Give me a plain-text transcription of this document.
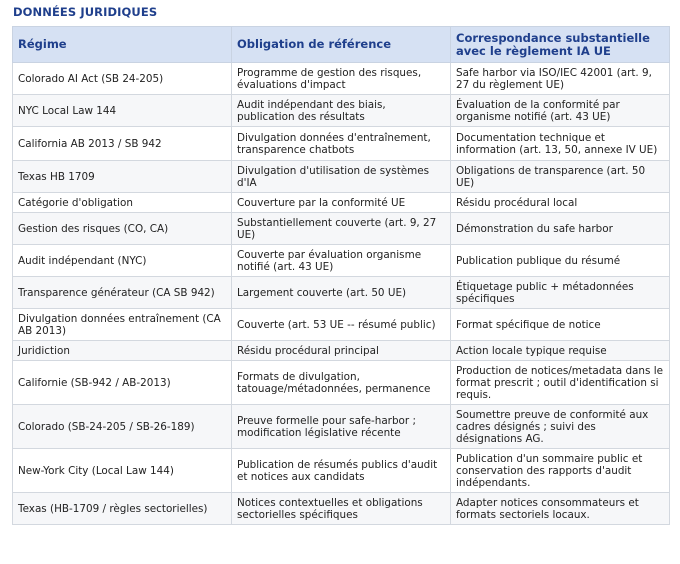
DONNÉES JURIDIQUES
Régime	Obligation de référence	Correspondance substantielle avec le règlement IA UE
Colorado AI Act (SB 24-205)	Programme de gestion des risques, évaluations d'impact	Safe harbor via ISO/IEC 42001 (art. 9, 27 du règlement UE)
NYC Local Law 144	Audit indépendant des biais, publication des résultats	Évaluation de la conformité par organisme notifié (art. 43 UE)
California AB 2013 / SB 942	Divulgation données d'entraînement, transparence chatbots	Documentation technique et information (art. 13, 50, annexe IV UE)
Texas HB 1709	Divulgation d'utilisation de systèmes d'IA	Obligations de transparence (art. 50 UE)
Catégorie d'obligation	Couverture par la conformité UE	Résidu procédural local
Gestion des risques (CO, CA)	Substantiellement couverte (art. 9, 27 UE)	Démonstration du safe harbor
Audit indépendant (NYC)	Couverte par évaluation organisme notifié (art. 43 UE)	Publication publique du résumé
Transparence générateur (CA SB 942)	Largement couverte (art. 50 UE)	Étiquetage public + métadonnées spécifiques
Divulgation données entraînement (CA AB 2013)	Couverte (art. 53 UE -- résumé public)	Format spécifique de notice
Juridiction	Résidu procédural principal	Action locale typique requise
Californie (SB-942 / AB-2013)	Formats de divulgation, tatouage/métadonnées, permanence	Production de notices/metadata dans le format prescrit ; outil d'identification si requis.
Colorado (SB-24-205 / SB-26-189)	Preuve formelle pour safe-harbor ; modification législative récente	Soumettre preuve de conformité aux cadres désignés ; suivi des désignations AG.
New-York City (Local Law 144)	Publication de résumés publics d'audit et notices aux candidats	Publication d'un sommaire public et conservation des rapports d'audit indépendants.
Texas (HB-1709 / règles sectorielles)	Notices contextuelles et obligations sectorielles spécifiques	Adapter notices consommateurs et formats sectoriels locaux.
